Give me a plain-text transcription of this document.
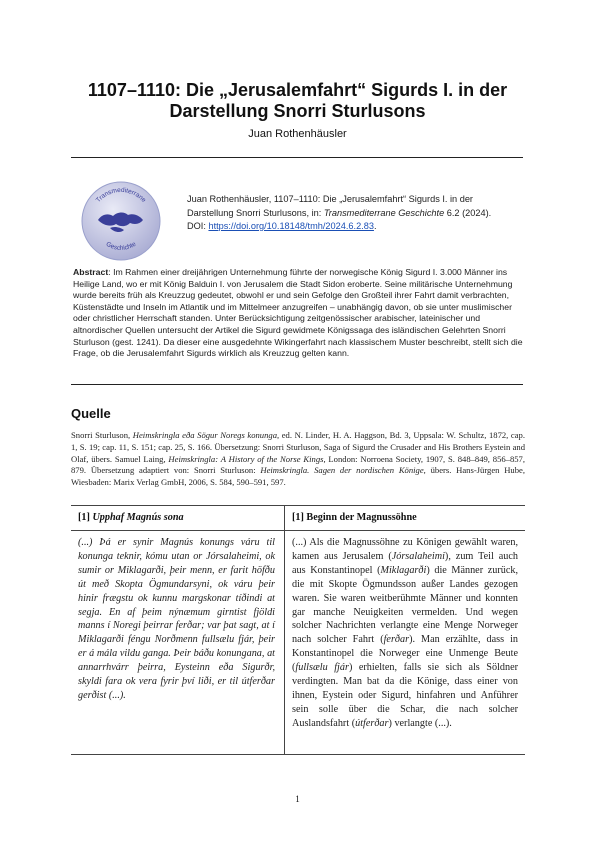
1107–1110: Die „Jerusalemfahrt“ Sigurds I. in der
Darstellung Snorri Sturlusons
Juan Rothenhäusler
Transmediterrane
Geschichte
Juan Rothenhäusler, 1107–1110: Die „Jerusalemfahrt“ Sigurds I. in der
Darstellung Snorri Sturlusons, in: Transmediterrane Geschichte 6.2 (2024).
DOI: https://doi.org/10.18148/tmh/2024.6.2.83.
Abstract: Im Rahmen einer dreijährigen Unternehmung führte der norwegische König Sigurd I. 3.000 Männer ins Heilige Land, wo er mit König Balduin I. von Jerusalem die Stadt Sidon eroberte. Seine militärische Unternehmung wurde bereits früh als Kreuzzug gedeutet, obwohl er und sein Gefolge den Großteil ihrer Fahrt damit verbrachten, Küstenstädte und Inseln im Atlantik und im Mittelmeer anzugreifen – unabhängig davon, ob sie unter muslimischer oder christlicher Herrschaft standen. Unter Berücksichtigung zeitgenössischer arabischer, lateinischer und altnordischer Quellen untersucht der Artikel die Sigurd gewidmete Königssaga des isländischen Gelehrten Snorri Sturluson (gest. 1241). Da dieser eine ausgedehnte Wikingerfahrt nach klassischem Muster beschreibt, stellt sich die Frage, ob die Jerusalemfahrt Sigurds wirklich als Kreuzzug gelten kann.
Quelle
Snorri Sturluson, Heimskringla eða Sögur Noregs konunga, ed. N. Linder, H. A. Haggson, Bd. 3, Uppsala: W. Schultz, 1872, cap. 1, S. 19; cap. 11, S. 151; cap. 25, S. 166. Übersetzung: Snorri Sturluson, Saga of Sigurd the Crusader and His Brothers Eystein and Olaf, übers. Samuel Laing, Heimskringla: A History of the Norse Kings, London: Norroena Society, 1907, S. 848–849, 856–857, 879. Übersetzung adaptiert von: Snorri Sturluson: Heimskringla. Sagen der nordischen Könige, übers. Hans-Jürgen Hube, Wiesbaden: Marix Verlag GmbH, 2006, S. 584, 590–591, 597.
[1] Upphaf Magnús sona	[1] Beginn der Magnussöhne
(...) Þá er synir Magnús konungs váru til konunga teknir, kómu utan or Jórsalaheimi, ok sumir or Miklagarði, þeir menn, er farit höfðu út með Skopta Ögmundarsyni, ok váru þeir hinir frægstu ok kunnu margskonar tíðindi at segja. En af þeim nýnæmum girntist fjöldi manns í Noregi þeirrar ferðar; var þat sagt, at í Miklagarði féngu Norðmenn fullsælu fjár, þeir er á mála vildu ganga. Þeir báðu konungana, at annarrhvárr þeirra, Eysteinn eða Sigurðr, skyldi fara ok vera fyrir því liði, er til útferðar gerðist (...).
(...) Als die Magnussöhne zu Königen gewählt waren, kamen aus Jerusalem (Jórsalaheimi), zum Teil auch aus Konstantinopel (Miklagarði) die Männer zurück, die mit Skopte Ögmundsson außer Landes gezogen waren. Sie waren weitberühmte Männer und konnten gar manche Neuigkeiten vermelden. Und wegen solcher Nachrichten verlangte eine Menge Norweger nach solcher Fahrt (ferðar). Man erzählte, dass in Konstantinopel die Norweger eine Unmenge Beute (fullsælu fjár) erhielten, falls sie sich als Söldner verdingten. Man bat da die Könige, dass einer von ihnen, Eystein oder Sigurd, hinfahren und Anführer sein solle über die Schar, die nach solcher Auslandsfahrt (útferðar) verlangte (...).
1
